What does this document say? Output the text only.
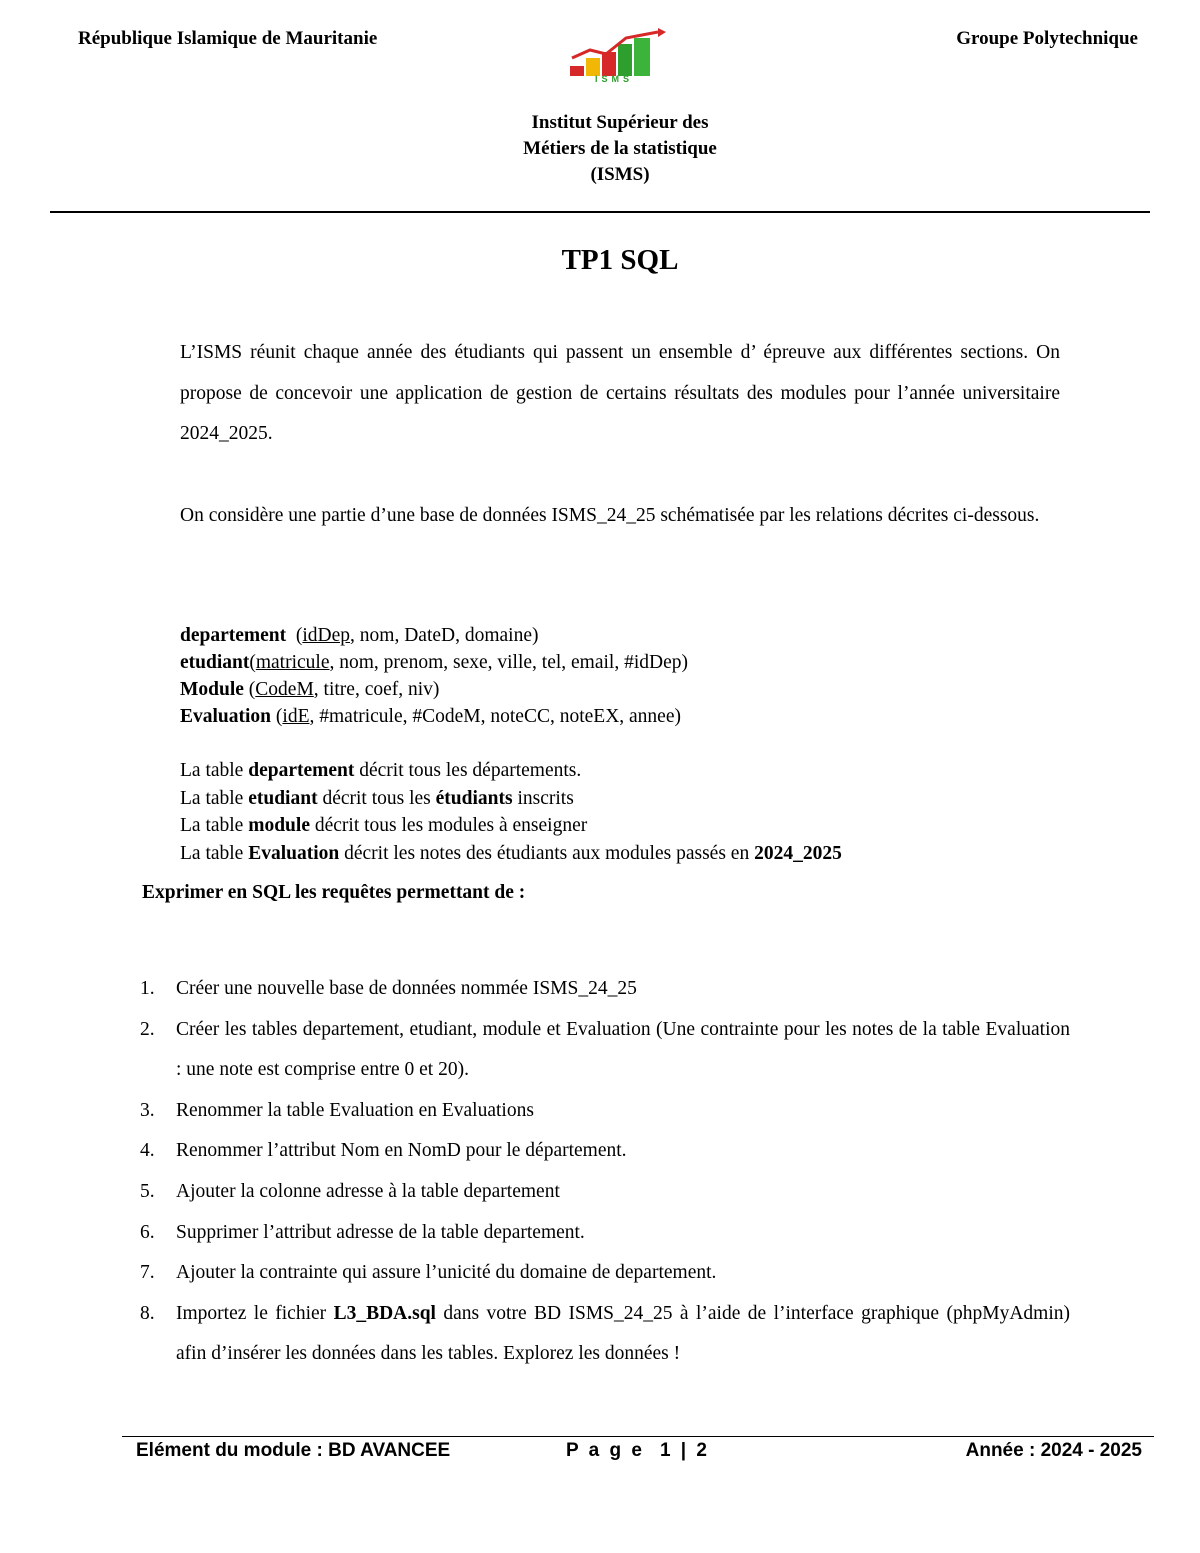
République Islamique de Mauritanie
ISMS
Groupe Polytechnique
Institut Supérieur des
Métiers de la statistique
(ISMS)
TP1 SQL
L’ISMS réunit chaque année des étudiants qui passent un ensemble d’ épreuve aux différentes sections. On propose de concevoir une application de gestion de certains résultats des modules pour l’année universitaire 2024_2025.
On considère une partie d’une base de données ISMS_24_25 schématisée par les relations décrites ci-dessous.
departement  (idDep, nom, DateD, domaine)
etudiant(matricule, nom, prenom, sexe, ville, tel, email, #idDep)
Module (CodeM, titre, coef, niv)
Evaluation (idE, #matricule, #CodeM, noteCC, noteEX, annee)
La table departement décrit tous les départements.
La table etudiant décrit tous les étudiants inscrits
La table module décrit tous les modules à enseigner
La table Evaluation décrit les notes des étudiants aux modules passés en 2024_2025
Exprimer en SQL les requêtes permettant de :
1.	Créer une nouvelle base de données nommée ISMS_24_25
2.	Créer les tables departement, etudiant, module et Evaluation (Une contrainte pour les notes de la table Evaluation : une note est comprise entre 0 et 20).
3.	Renommer la table Evaluation en Evaluations
4.	Renommer l’attribut Nom en NomD pour le département.
5.	Ajouter la colonne adresse à la table departement
6.	Supprimer l’attribut adresse de la table departement.
7.	Ajouter la contrainte qui assure l’unicité du domaine de departement.
8.	Importez le fichier L3_BDA.sql dans votre BD ISMS_24_25 à l’aide de l’interface graphique (phpMyAdmin) afin d’insérer les données dans les tables. Explorez les données !
Elément du module : BD AVANCEE	P a g e  1 | 2	Année : 2024 - 2025
